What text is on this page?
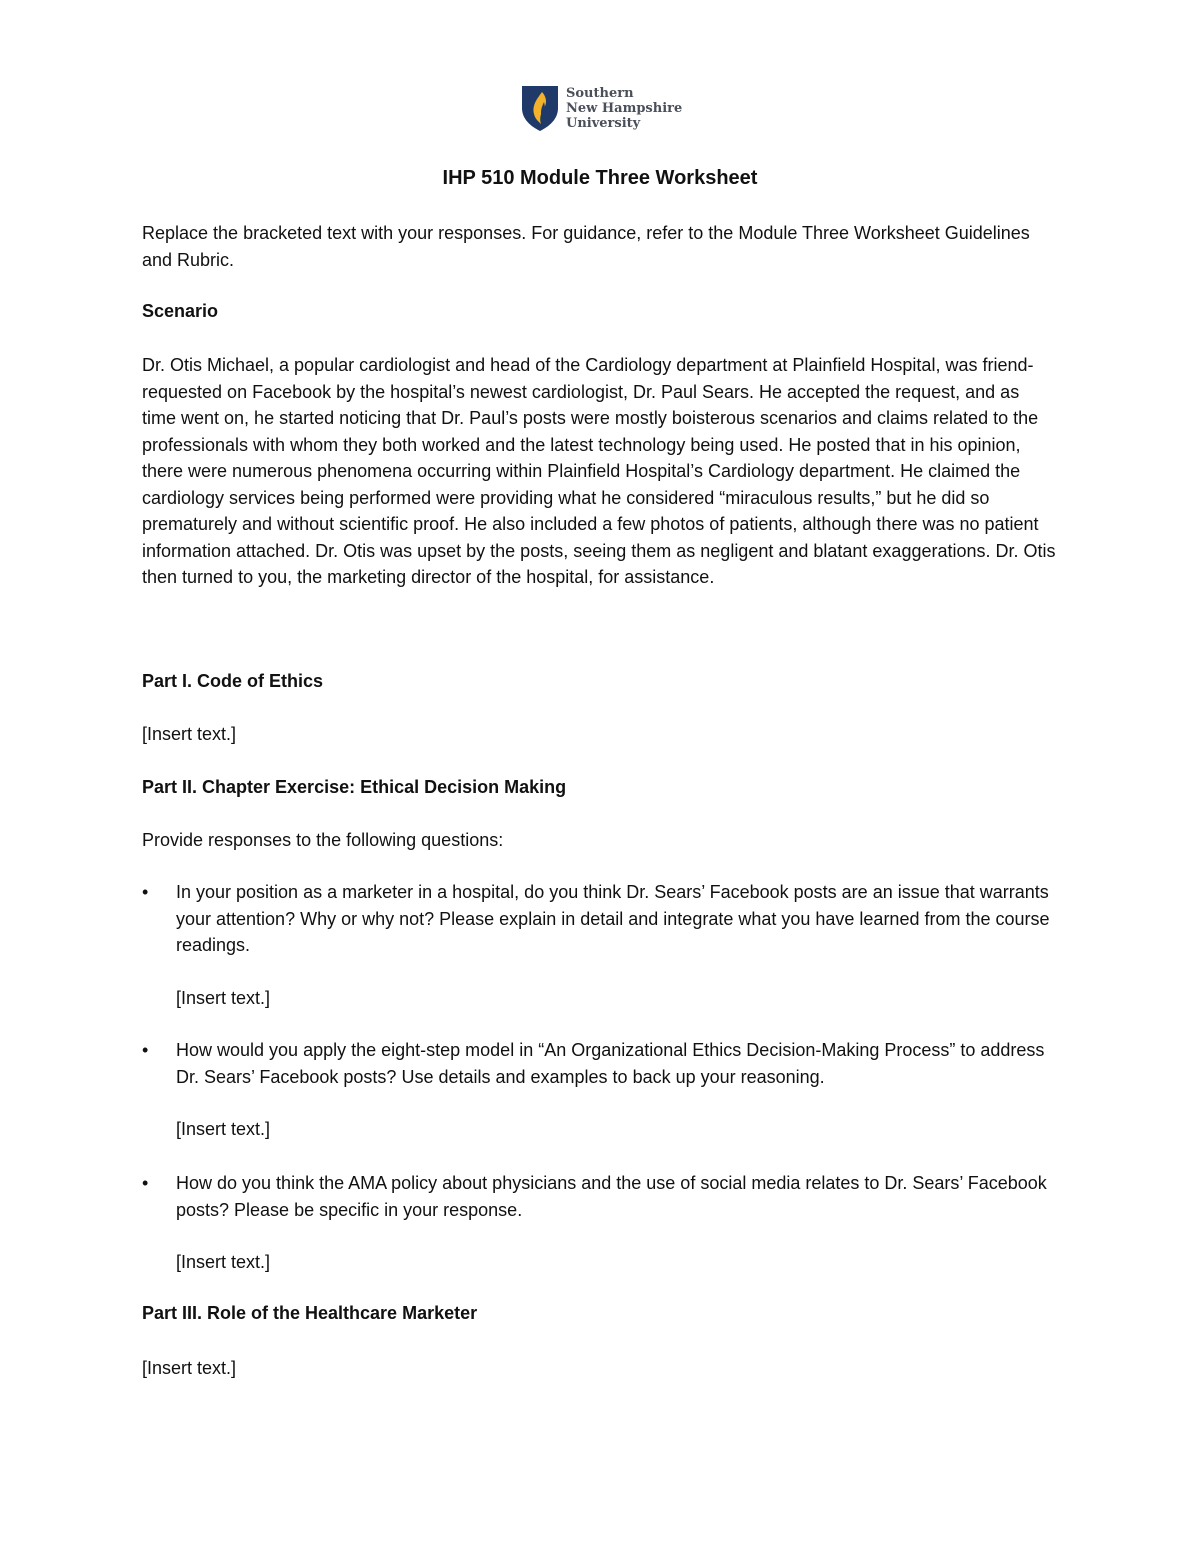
Southern
New Hampshire
University
IHP 510 Module Three Worksheet

Replace the bracketed text with your responses. For guidance, refer to the Module Three Worksheet Guidelines and Rubric.

Scenario

Dr. Otis Michael, a popular cardiologist and head of the Cardiology department at Plainfield Hospital, was friend-requested on Facebook by the hospital’s newest cardiologist, Dr. Paul Sears. He accepted the request, and as time went on, he started noticing that Dr. Paul’s posts were mostly boisterous scenarios and claims related to the professionals with whom they both worked and the latest technology being used. He posted that in his opinion, there were numerous phenomena occurring within Plainfield Hospital’s Cardiology department. He claimed the cardiology services being performed were providing what he considered “miraculous results,” but he did so prematurely and without scientific proof. He also included a few photos of patients, although there was no patient information attached. Dr. Otis was upset by the posts, seeing them as negligent and blatant exaggerations. Dr. Otis then turned to you, the marketing director of the hospital, for assistance.

Part I. Code of Ethics

[Insert text.]

Part II. Chapter Exercise: Ethical Decision Making

Provide responses to the following questions:

• In your position as a marketer in a hospital, do you think Dr. Sears’ Facebook posts are an issue that warrants your attention? Why or why not? Please explain in detail and integrate what you have learned from the course readings.

[Insert text.]

• How would you apply the eight-step model in “An Organizational Ethics Decision-Making Process” to address Dr. Sears’ Facebook posts? Use details and examples to back up your reasoning.

[Insert text.]

• How do you think the AMA policy about physicians and the use of social media relates to Dr. Sears’ Facebook posts? Please be specific in your response.

[Insert text.]

Part III. Role of the Healthcare Marketer

[Insert text.]
